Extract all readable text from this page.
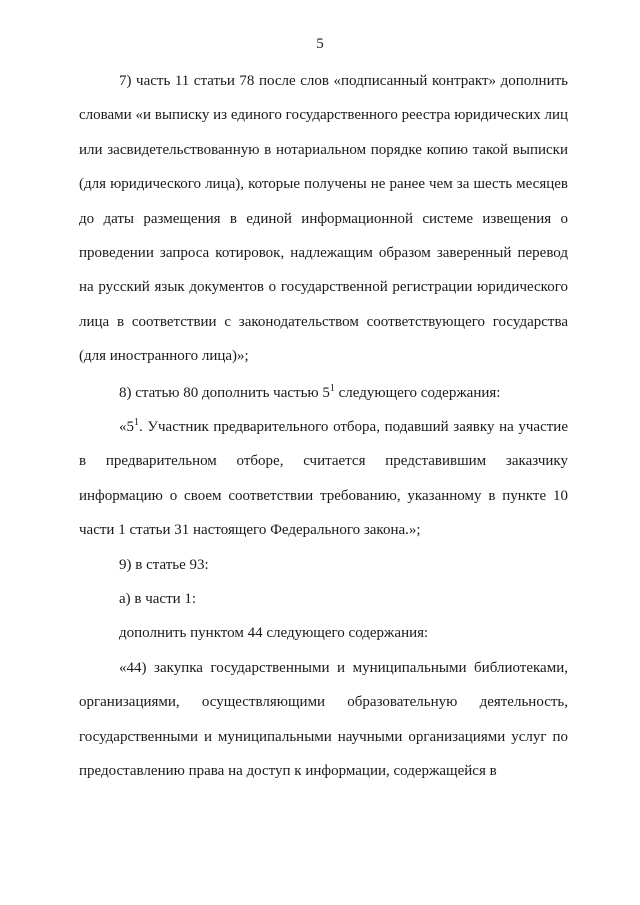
5

7) часть 11 статьи 78 после слов «подписанный контракт» дополнить словами «и выписку из единого государственного реестра юридических лиц или засвидетельствованную в нотариальном порядке копию такой выписки (для юридического лица), которые получены не ранее чем за шесть месяцев до даты размещения в единой информационной системе извещения о проведении запроса котировок, надлежащим образом заверенный перевод на русский язык документов о государственной регистрации юридического лица в соответствии с законодательством соответствующего государства (для иностранного лица)»;

8) статью 80 дополнить частью $5^1$ следующего содержания:

«$5^1$. Участник предварительного отбора, подавший заявку на участие в предварительном отборе, считается представившим заказчику информацию о своем соответствии требованию, указанному в пункте 10 части 1 статьи 31 настоящего Федерального закона.»;

9) в статье 93:

а) в части 1:

дополнить пунктом 44 следующего содержания:

«44) закупка государственными и муниципальными библиотеками, организациями, осуществляющими образовательную деятельность, государственными и муниципальными научными организациями услуг по предоставлению права на доступ к информации, содержащейся в
